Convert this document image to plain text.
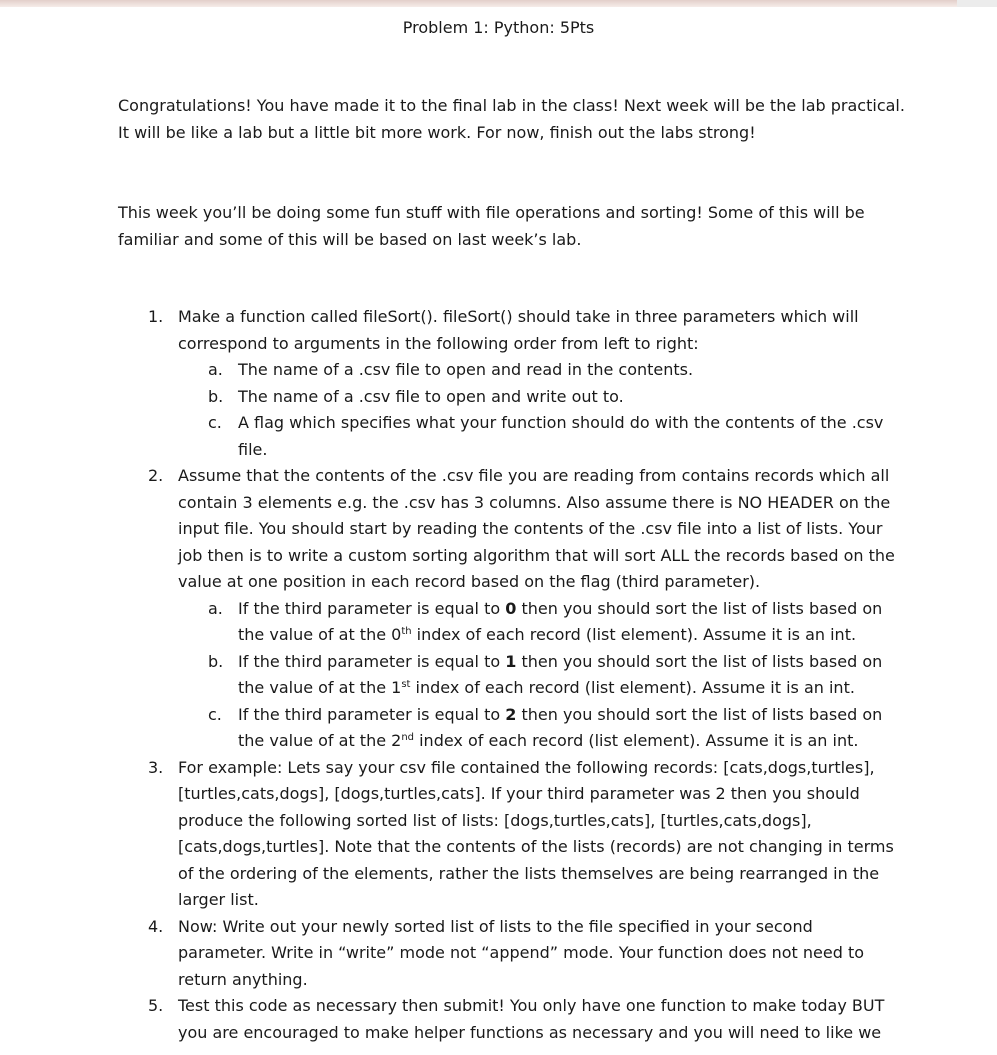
Problem 1: Python: 5Pts

Congratulations! You have made it to the final lab in the class! Next week will be the lab practical. It will be like a lab but a little bit more work. For now, finish out the labs strong!

This week you’ll be doing some fun stuff with file operations and sorting! Some of this will be familiar and some of this will be based on last week’s lab.

1. Make a function called fileSort(). fileSort() should take in three parameters which will correspond to arguments in the following order from left to right:
a. The name of a .csv file to open and read in the contents.
b. The name of a .csv file to open and write out to.
c. A flag which specifies what your function should do with the contents of the .csv file.
2. Assume that the contents of the .csv file you are reading from contains records which all contain 3 elements e.g. the .csv has 3 columns. Also assume there is NO HEADER on the input file. You should start by reading the contents of the .csv file into a list of lists. Your job then is to write a custom sorting algorithm that will sort ALL the records based on the value at one position in each record based on the flag (third parameter).
a. If the third parameter is equal to 0 then you should sort the list of lists based on the value of at the 0th index of each record (list element). Assume it is an int.
b. If the third parameter is equal to 1 then you should sort the list of lists based on the value of at the 1st index of each record (list element). Assume it is an int.
c. If the third parameter is equal to 2 then you should sort the list of lists based on the value of at the 2nd index of each record (list element). Assume it is an int.
3. For example: Lets say your csv file contained the following records: [cats,dogs,turtles], [turtles,cats,dogs], [dogs,turtles,cats]. If your third parameter was 2 then you should produce the following sorted list of lists: [dogs,turtles,cats], [turtles,cats,dogs], [cats,dogs,turtles]. Note that the contents of the lists (records) are not changing in terms of the ordering of the elements, rather the lists themselves are being rearranged in the larger list.
4. Now: Write out your newly sorted list of lists to the file specified in your second parameter. Write in “write” mode not “append” mode. Your function does not need to return anything.
5. Test this code as necessary then submit! You only have one function to make today BUT you are encouraged to make helper functions as necessary and you will need to like we
